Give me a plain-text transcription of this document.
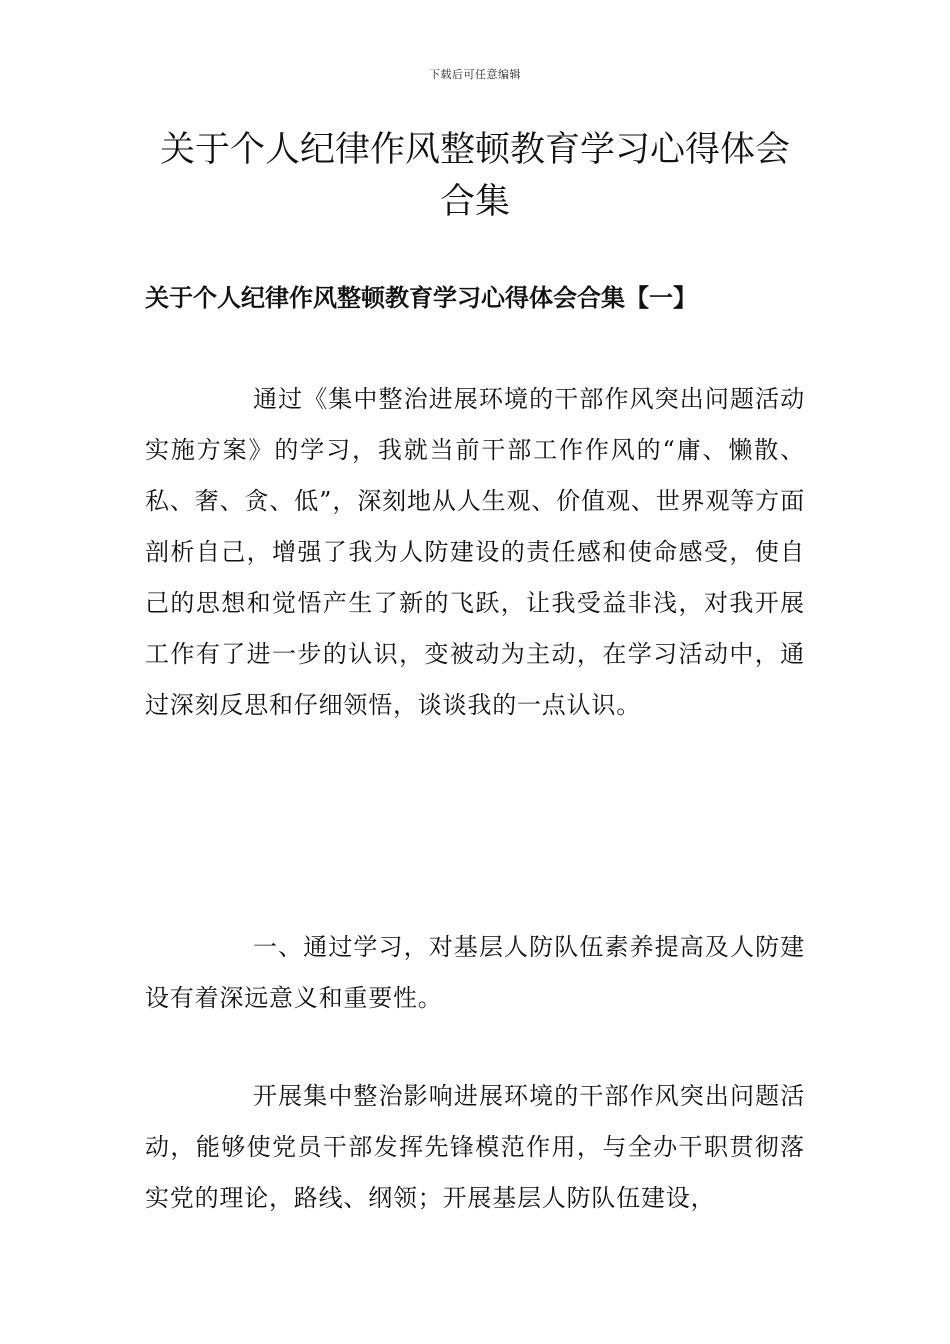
下载后可任意编辑
关于个人纪律作风整顿教育学习心得体会合集
关于个人纪律作风整顿教育学习心得体会合集【一】

通过《集中整治进展环境的干部作风突出问题活动实施方案》的学习，我就当前干部工作作风的“庸、懒散、私、奢、贪、低”，深刻地从人生观、价值观、世界观等方面剖析自己，增强了我为人防建设的责任感和使命感受，使自己的思想和觉悟产生了新的飞跃，让我受益非浅，对我开展工作有了进一步的认识，变被动为主动，在学习活动中，通过深刻反思和仔细领悟，谈谈我的一点认识。

一、通过学习，对基层人防队伍素养提高及人防建设有着深远意义和重要性。

开展集中整治影响进展环境的干部作风突出问题活动，能够使党员干部发挥先锋模范作用，与全办干职贯彻落实党的理论，路线、纲领；开展基层人防队伍建设，
